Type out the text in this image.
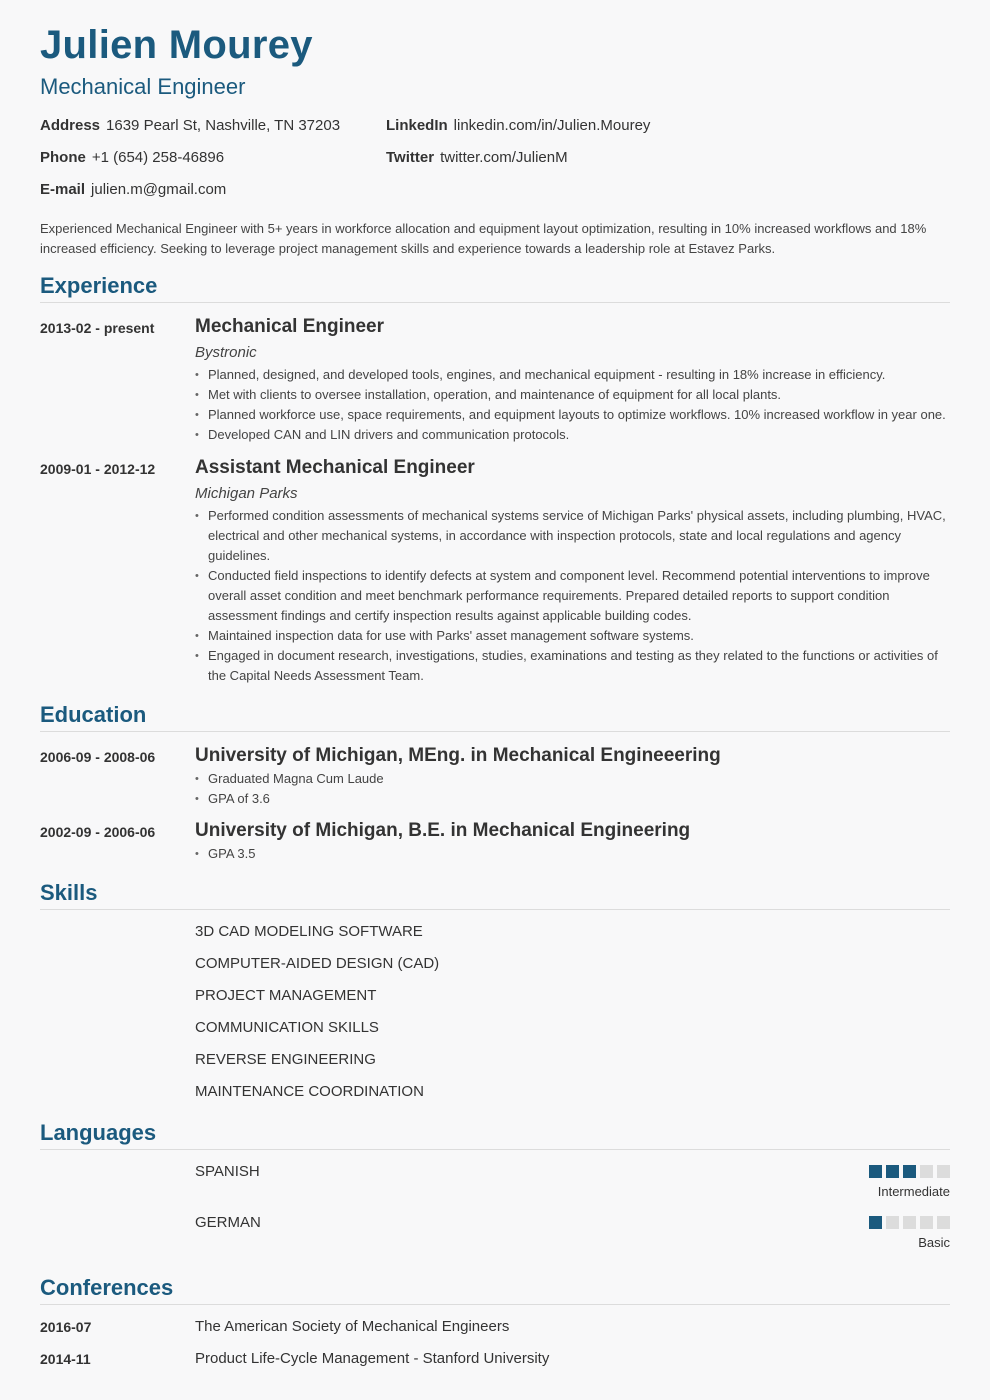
Julien Mourey
Mechanical Engineer
Address 1639 Pearl St, Nashville, TN 37203	LinkedIn linkedin.com/in/Julien.Mourey
Phone +1 (654) 258-46896	Twitter twitter.com/JulienM
E-mail julien.m@gmail.com
Experienced Mechanical Engineer with 5+ years in workforce allocation and equipment layout optimization, resulting in 10% increased workflows and 18% increased efficiency. Seeking to leverage project management skills and experience towards a leadership role at Estavez Parks.
Experience
2013-02 - present	Mechanical Engineer
Bystronic
• Planned, designed, and developed tools, engines, and mechanical equipment - resulting in 18% increase in efficiency.
• Met with clients to oversee installation, operation, and maintenance of equipment for all local plants.
• Planned workforce use, space requirements, and equipment layouts to optimize workflows. 10% increased workflow in year one.
• Developed CAN and LIN drivers and communication protocols.
2009-01 - 2012-12	Assistant Mechanical Engineer
Michigan Parks
• Performed condition assessments of mechanical systems service of Michigan Parks' physical assets, including plumbing, HVAC, electrical and other mechanical systems, in accordance with inspection protocols, state and local regulations and agency guidelines.
• Conducted field inspections to identify defects at system and component level. Recommend potential interventions to improve overall asset condition and meet benchmark performance requirements. Prepared detailed reports to support condition assessment findings and certify inspection results against applicable building codes.
• Maintained inspection data for use with Parks' asset management software systems.
• Engaged in document research, investigations, studies, examinations and testing as they related to the functions or activities of the Capital Needs Assessment Team.
Education
2006-09 - 2008-06	University of Michigan, MEng. in Mechanical Engineeering
• Graduated Magna Cum Laude
• GPA of 3.6
2002-09 - 2006-06	University of Michigan, B.E. in Mechanical Engineering
• GPA 3.5
Skills
3D CAD MODELING SOFTWARE
COMPUTER-AIDED DESIGN (CAD)
PROJECT MANAGEMENT
COMMUNICATION SKILLS
REVERSE ENGINEERING
MAINTENANCE COORDINATION
Languages
SPANISH
Intermediate
GERMAN
Basic
Conferences
2016-07	The American Society of Mechanical Engineers
2014-11	Product Life-Cycle Management - Stanford University
